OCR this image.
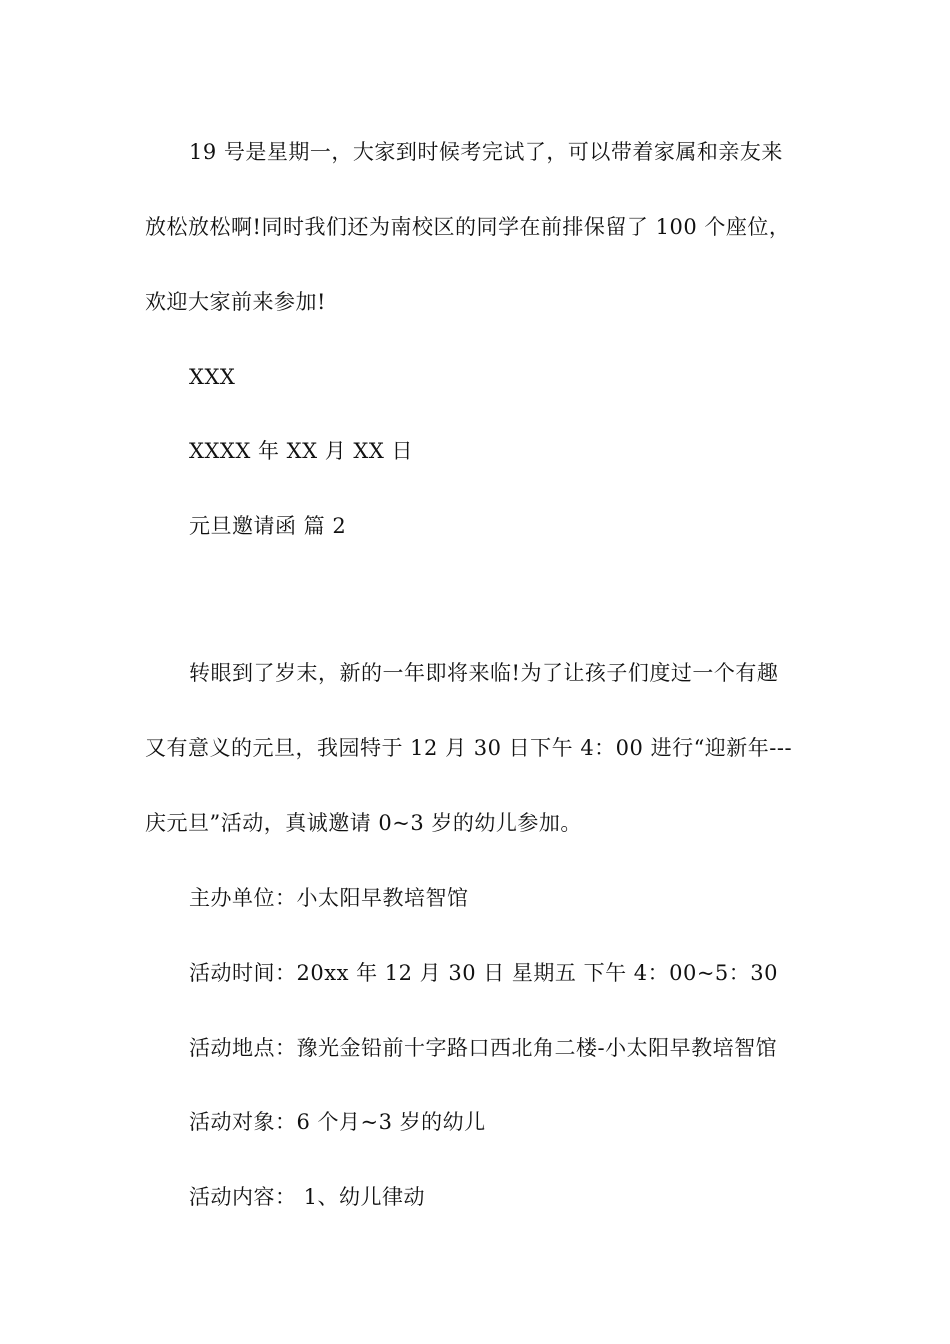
19 号是星期一，大家到时候考完试了，可以带着家属和亲友来
放松放松啊!同时我们还为南校区的同学在前排保留了 100 个座位，
欢迎大家前来参加!
XXX
XXXX 年 XX 月 XX 日
元旦邀请函 篇 2
转眼到了岁末，新的一年即将来临!为了让孩子们度过一个有趣
又有意义的元旦，我园特于 12 月 30 日下午 4：00 进行“迎新年---
庆元旦”活动，真诚邀请 0~3 岁的幼儿参加。
主办单位：小太阳早教培智馆
活动时间：20xx 年 12 月 30 日 星期五 下午 4：00~5：30
活动地点：豫光金铅前十字路口西北角二楼-小太阳早教培智馆
活动对象：6 个月~3 岁的幼儿
活动内容： 1、幼儿律动
